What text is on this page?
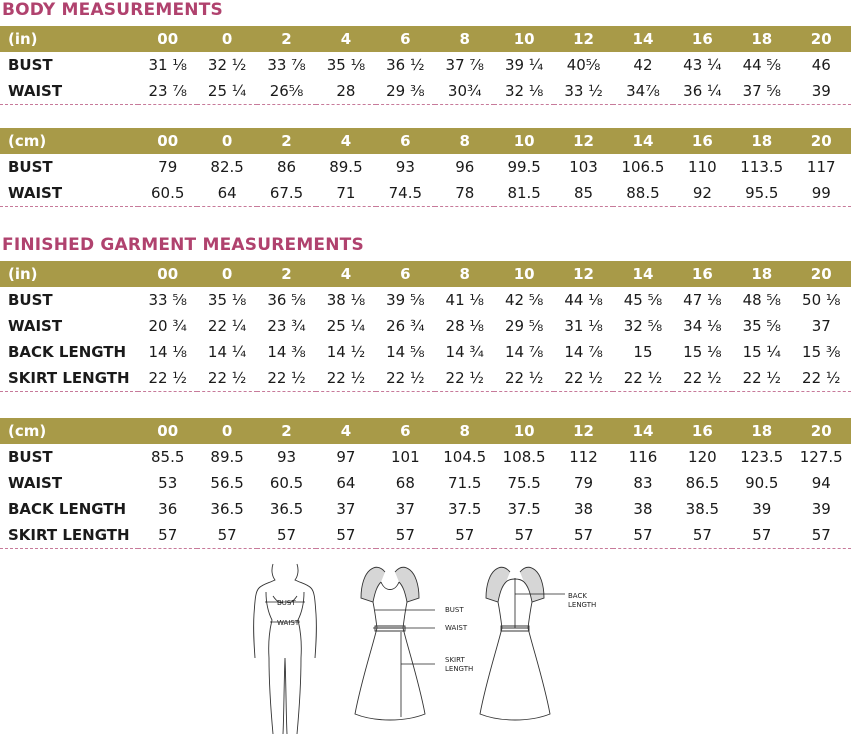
BODY MEASUREMENTS
(in)	00	0	2	4	6	8	10	12	14	16	18	20
BUST	31 ⅛	32 ½	33 ⅞	35 ⅛	36 ½	37 ⅞	39 ¼	40⅝	42	43 ¼	44 ⅝	46
WAIST	23 ⅞	25 ¼	26⅝	28	29 ⅜	30¾	32 ⅛	33 ½	34⅞	36 ¼	37 ⅝	39
(cm)	00	0	2	4	6	8	10	12	14	16	18	20
BUST	79	82.5	86	89.5	93	96	99.5	103	106.5	110	113.5	117
WAIST	60.5	64	67.5	71	74.5	78	81.5	85	88.5	92	95.5	99
FINISHED GARMENT MEASUREMENTS
(in)	00	0	2	4	6	8	10	12	14	16	18	20
BUST	33 ⅝	35 ⅛	36 ⅝	38 ⅛	39 ⅝	41 ⅛	42 ⅝	44 ⅛	45 ⅝	47 ⅛	48 ⅝	50 ⅛
WAIST	20 ¾	22 ¼	23 ¾	25 ¼	26 ¾	28 ⅛	29 ⅝	31 ⅛	32 ⅝	34 ⅛	35 ⅝	37
BACK LENGTH	14 ⅛	14 ¼	14 ⅜	14 ½	14 ⅝	14 ¾	14 ⅞	14 ⅞	15	15 ⅛	15 ¼	15 ⅜
SKIRT LENGTH	22 ½	22 ½	22 ½	22 ½	22 ½	22 ½	22 ½	22 ½	22 ½	22 ½	22 ½	22 ½
(cm)	00	0	2	4	6	8	10	12	14	16	18	20
BUST	85.5	89.5	93	97	101	104.5	108.5	112	116	120	123.5	127.5
WAIST	53	56.5	60.5	64	68	71.5	75.5	79	83	86.5	90.5	94
BACK LENGTH	36	36.5	36.5	37	37	37.5	37.5	38	38	38.5	39	39
SKIRT LENGTH	57	57	57	57	57	57	57	57	57	57	57	57
BUST
WAIST
BUST
WAIST
SKIRT
LENGTH
BACK
LENGTH
